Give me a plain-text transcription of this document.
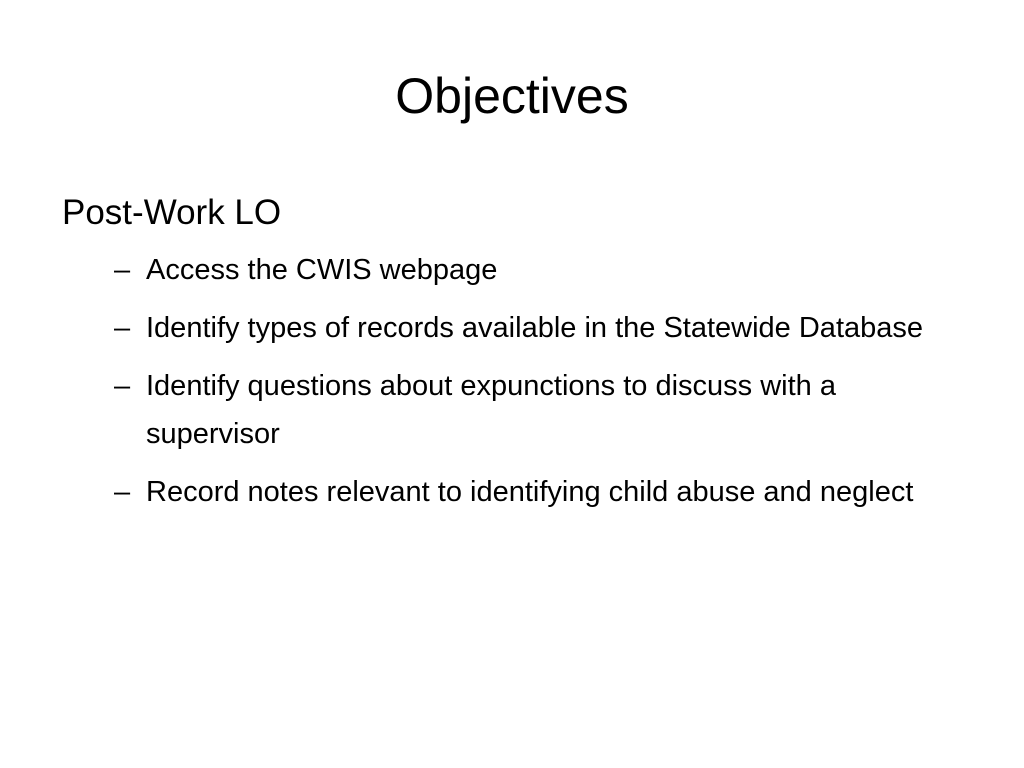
Objectives
Post-Work LO
– Access the CWIS webpage
– Identify types of records available in the Statewide Database
– Identify questions about expunctions to discuss with a supervisor
– Record notes relevant to identifying child abuse and neglect
